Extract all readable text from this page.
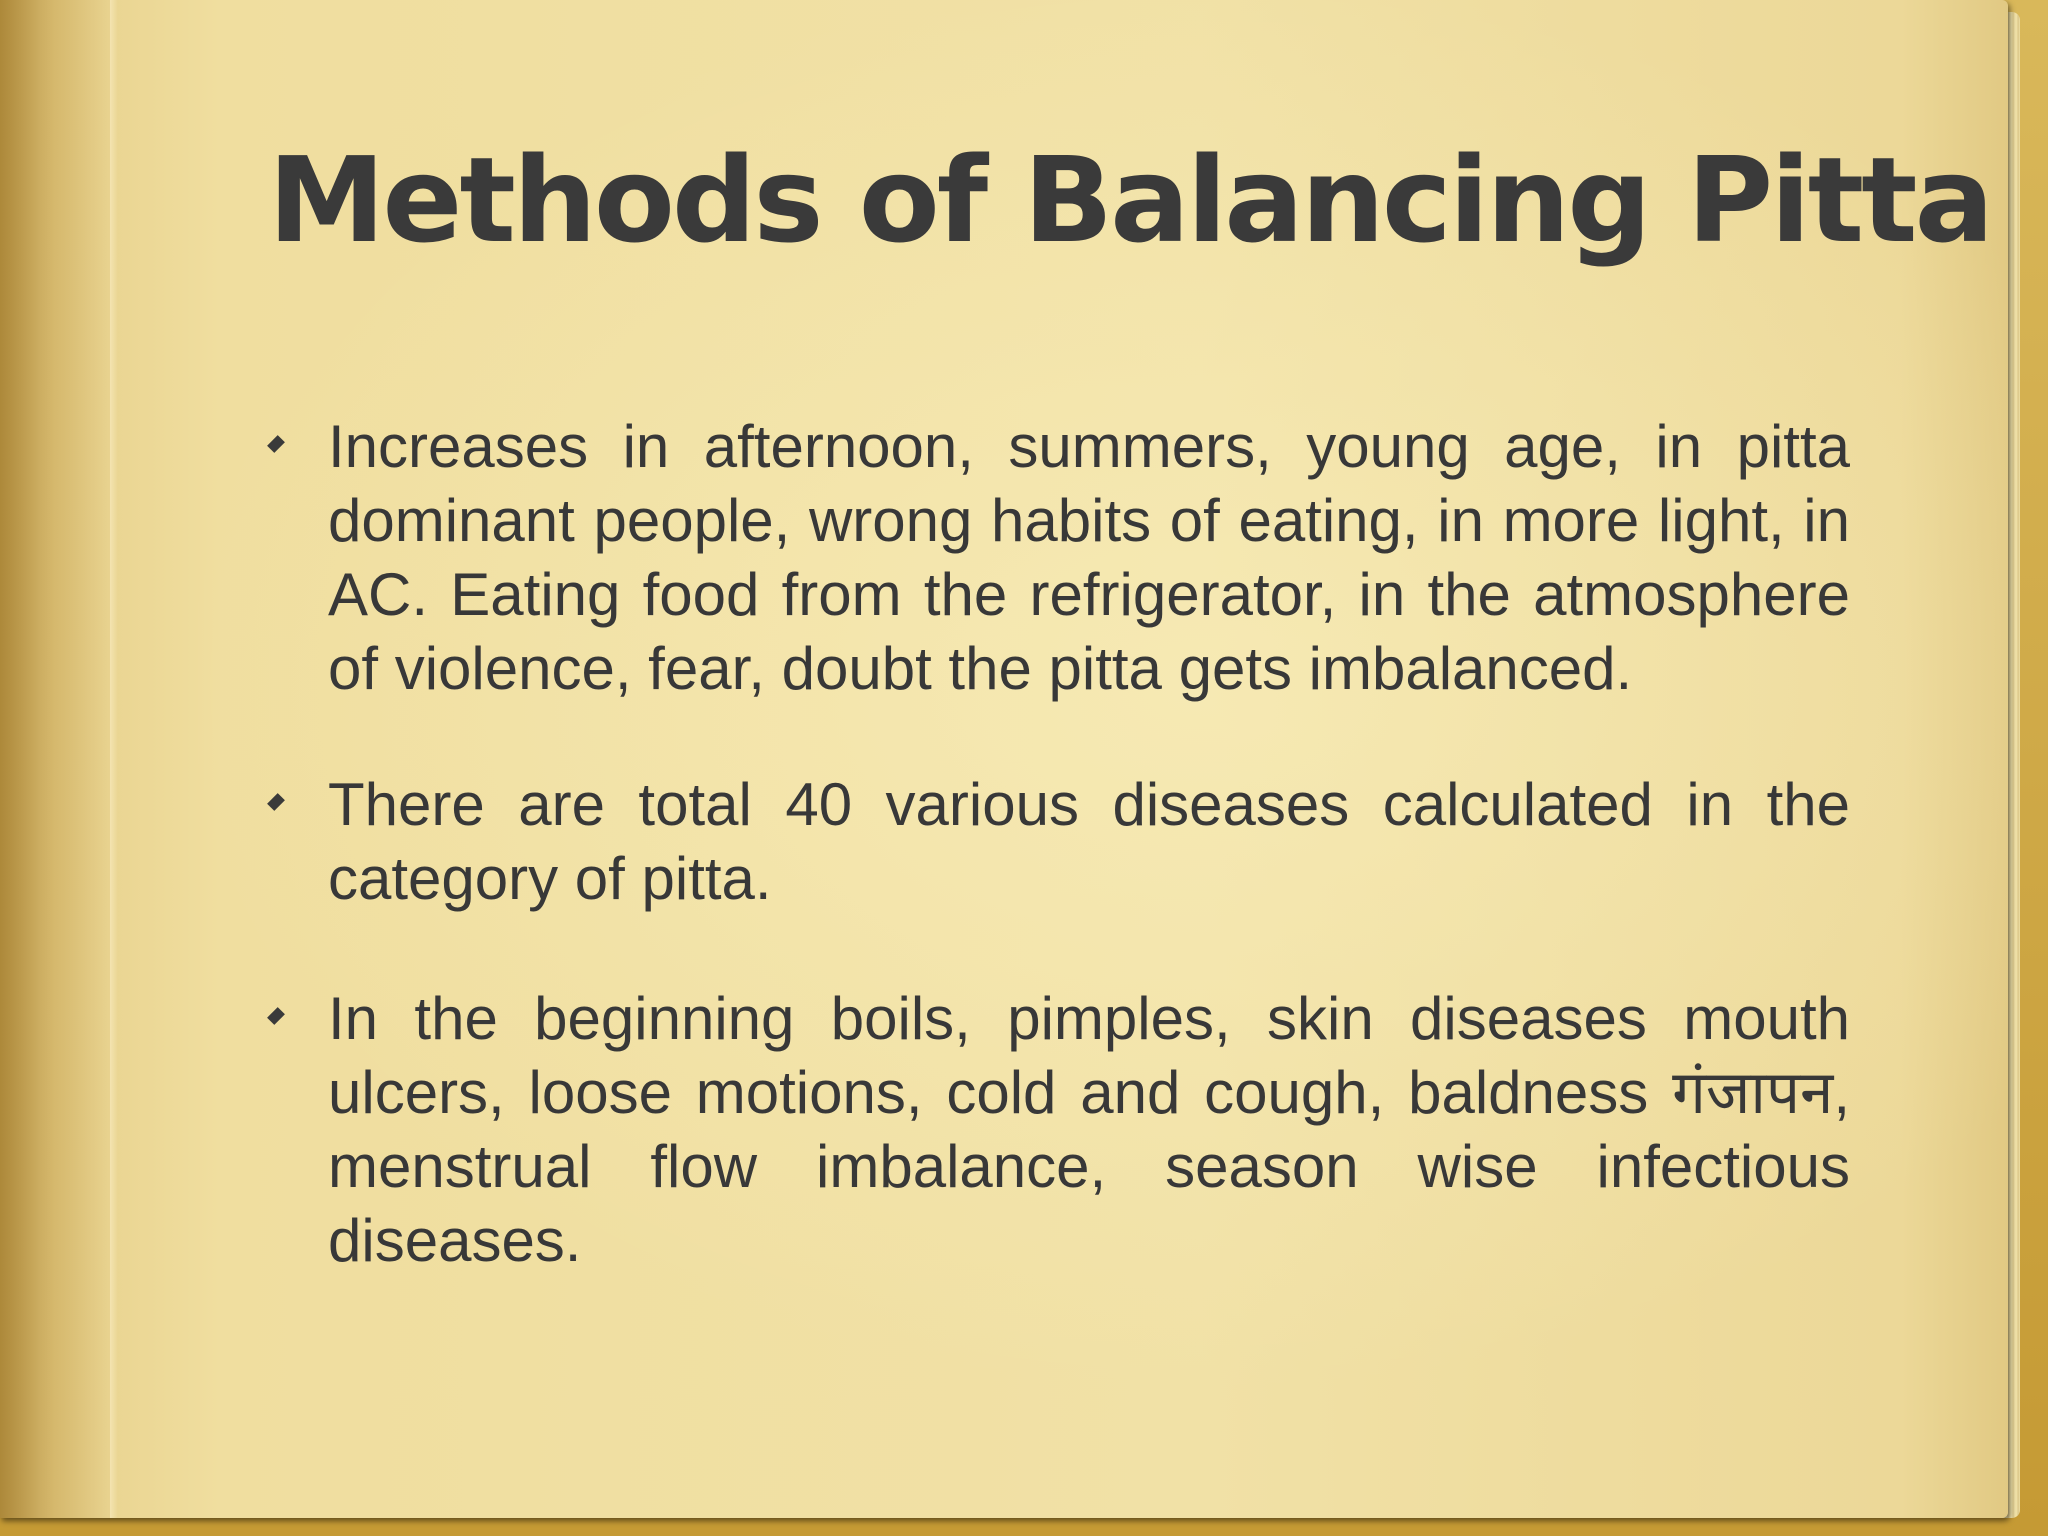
Methods of Balancing Pitta
Increases in afternoon, summers, young age, in pitta dominant people, wrong habits of eating, in more light, in AC. Eating food from the refrigerator, in the atmosphere of violence, fear, doubt the pitta gets imbalanced.
There are total 40 various diseases calculated in the category of pitta.
In the beginning boils, pimples, skin diseases mouth ulcers, loose motions, cold and cough, baldness गंजापन, menstrual flow imbalance, season wise infectious diseases.
